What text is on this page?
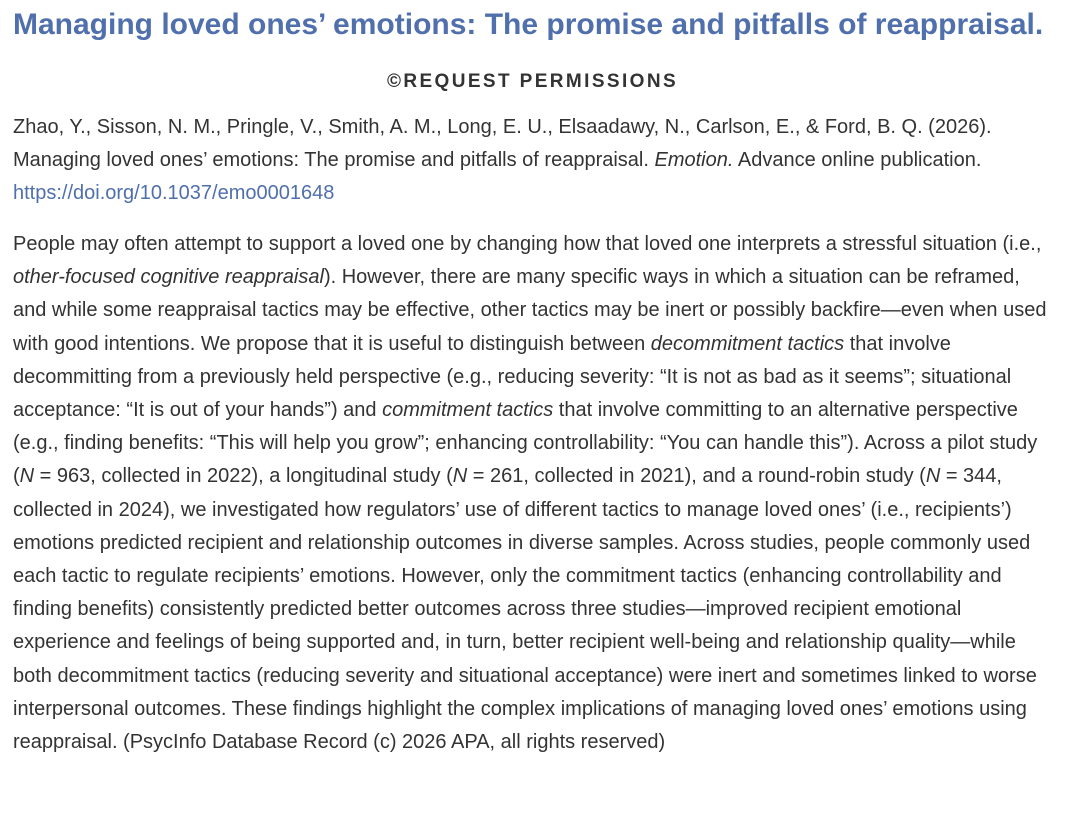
Managing loved ones’ emotions: The promise and pitfalls of reappraisal.
©REQUEST PERMISSIONS
Zhao, Y., Sisson, N. M., Pringle, V., Smith, A. M., Long, E. U., Elsaadawy, N., Carlson, E., & Ford, B. Q. (2026). Managing loved ones’ emotions: The promise and pitfalls of reappraisal. Emotion. Advance online publication. https://doi.org/10.1037/emo0001648
People may often attempt to support a loved one by changing how that loved one interprets a stressful situation (i.e., other-focused cognitive reappraisal). However, there are many specific ways in which a situation can be reframed, and while some reappraisal tactics may be effective, other tactics may be inert or possibly backfire—even when used with good intentions. We propose that it is useful to distinguish between decommitment tactics that involve decommitting from a previously held perspective (e.g., reducing severity: “It is not as bad as it seems”; situational acceptance: “It is out of your hands”) and commitment tactics that involve committing to an alternative perspective (e.g., finding benefits: “This will help you grow”; enhancing controllability: “You can handle this”). Across a pilot study (N = 963, collected in 2022), a longitudinal study (N = 261, collected in 2021), and a round-robin study (N = 344, collected in 2024), we investigated how regulators’ use of different tactics to manage loved ones’ (i.e., recipients’) emotions predicted recipient and relationship outcomes in diverse samples. Across studies, people commonly used each tactic to regulate recipients’ emotions. However, only the commitment tactics (enhancing controllability and finding benefits) consistently predicted better outcomes across three studies—improved recipient emotional experience and feelings of being supported and, in turn, better recipient well-being and relationship quality—while both decommitment tactics (reducing severity and situational acceptance) were inert and sometimes linked to worse interpersonal outcomes. These findings highlight the complex implications of managing loved ones’ emotions using reappraisal. (PsycInfo Database Record (c) 2026 APA, all rights reserved)
